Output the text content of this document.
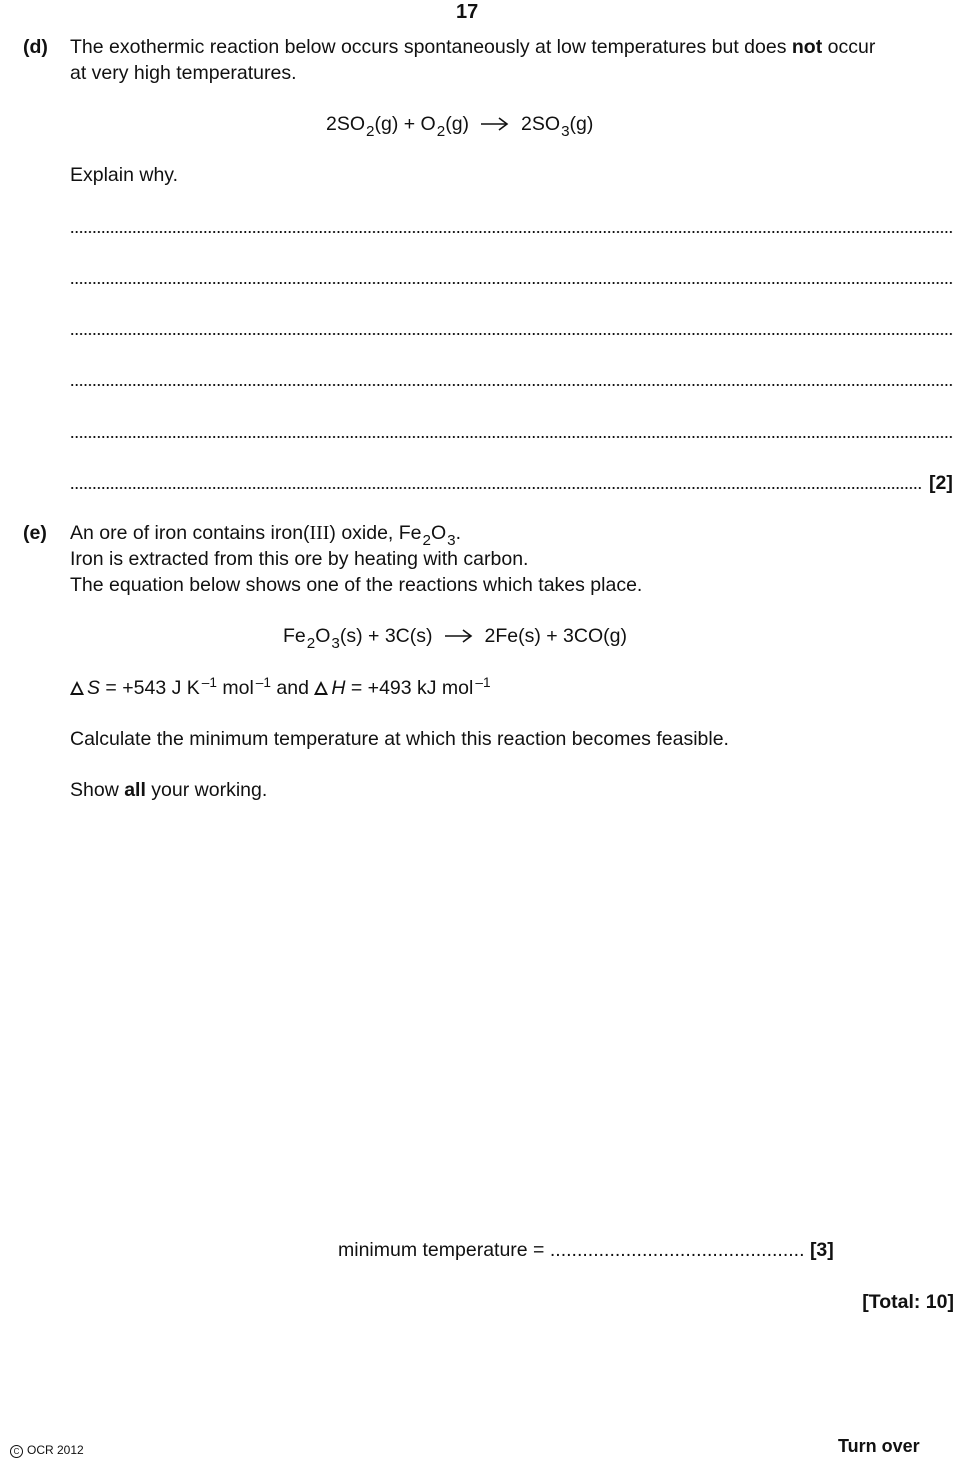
17
(d) The exothermic reaction below occurs spontaneously at low temperatures but does not occur
at very high temperatures.
$2SO_2(g) + O_2(g) \to 2SO_3(g)$
Explain why.
[2]
(e) An ore of iron contains iron(III) oxide, $Fe_2O_3$.
Iron is extracted from this ore by heating with carbon.
The equation below shows one of the reactions which takes place.
$Fe_2O_3(s) + 3C(s) \to 2Fe(s) + 3CO(g)$
S = +543 J K $^{-1}$ mol $^{-1}$ and H = +493 kJ mol $^{-1}$
Calculate the minimum temperature at which this reaction becomes feasible.
Show all your working.
minimum temperature = ............................................... [3]
[Total: 10]
C OCR 2012	Turn over
